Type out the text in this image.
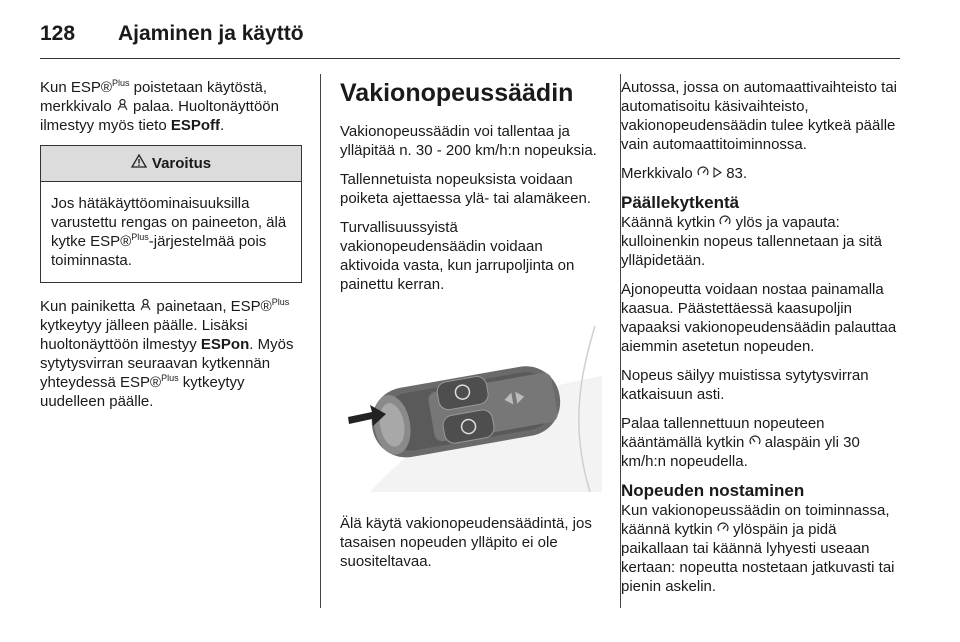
128 Ajaminen ja käyttö

Kun ESP®$^{Plus}$ poistetaan käytöstä, merkkivalo  palaa. Huoltonäyttöön ilmestyy myös tieto ESPoff.

Varoitus
Jos hätäkäyttöominaisuuksilla varustettu rengas on paineeton, älä kytke ESP®$^{Plus}$-järjestelmää pois toiminnasta.

Kun painiketta  painetaan, ESP®$^{Plus}$ kytkeytyy jälleen päälle. Lisäksi huoltonäyttöön ilmestyy ESPon. Myös sytytysvirran seuraavan kytkennän yhteydessä ESP®$^{Plus}$ kytkeytyy uudelleen päälle.

Vakionopeussäädin

Vakionopeussäädin voi tallentaa ja ylläpitää n. 30 - 200 km/h:n nopeuksia.

Tallennetuista nopeuksista voidaan poiketa ajettaessa ylä- tai alamäkeen.

Turvallisuussyistä vakionopeudensäädin voidaan aktivoida vasta, kun jarrupoljinta on painettu kerran.

Älä käytä vakionopeudensäädintä, jos tasaisen nopeuden ylläpito ei ole suositeltavaa.

Autossa, jossa on automaattivaihteisto tai automatisoitu käsivaihteisto, vakionopeudensäädin tulee kytkeä päälle vain automaattitoiminnossa.

Merkkivalo   83.

Päällekytkentä

Käännä kytkin  ylös ja vapauta: kulloinenkin nopeus tallennetaan ja sitä ylläpidetään.

Ajonopeutta voidaan nostaa painamalla kaasua. Päästettäessä kaasupoljin vapaaksi vakionopeudensäädin palauttaa aiemmin asetetun nopeuden.

Nopeus säilyy muistissa sytytysvirran katkaisuun asti.

Palaa tallennettuun nopeuteen kääntämällä kytkin  alaspäin yli 30 km/h:n nopeudella.

Nopeuden nostaminen

Kun vakionopeussäädin on toiminnassa, käännä kytkin  ylöspäin ja pidä paikallaan tai käännä lyhyesti useaan kertaan: nopeutta nostetaan jatkuvasti tai pienin askelin.
